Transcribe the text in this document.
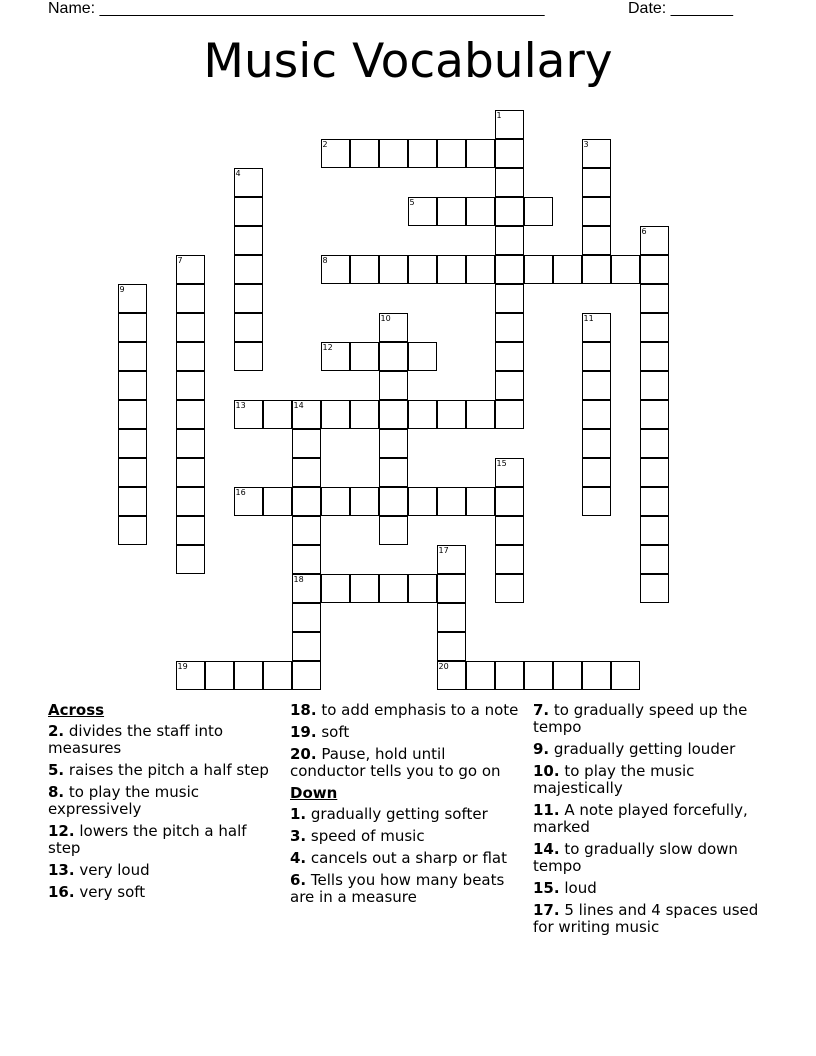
Name: __________________________________________________	Date: _______
Music Vocabulary
1
2	3
4
5
6
7	8
9
10	11
12
13	14
18
15
16
17
20
19
Across
2. divides the staff into measures
5. raises the pitch a half step
8. to play the music expressively
12. lowers the pitch a half step
13. very loud
16. very soft
18. to add emphasis to a note
19. soft
20. Pause, hold until conductor tells you to go on
Down
1. gradually getting softer
3. speed of music
4. cancels out a sharp or flat
6. Tells you how many beats are in a measure
7. to gradually speed up the tempo
9. gradually getting louder
10. to play the music majestically
11. A note played forcefully, marked
14. to gradually slow down tempo
15. loud
17. 5 lines and 4 spaces used for writing music
